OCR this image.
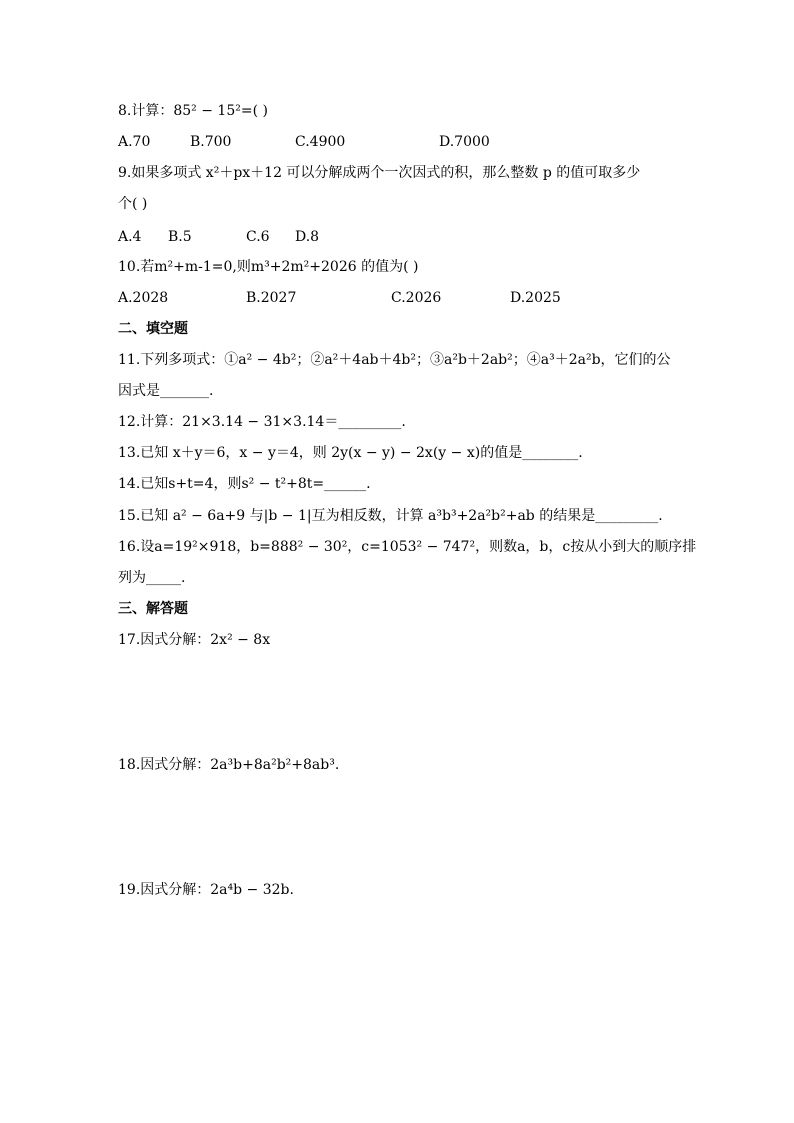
8.计算：85² − 15²=( )
A.70	B.700	C.4900	D.7000
9.如果多项式 x²＋px＋12 可以分解成两个一次因式的积，那么整数 p 的值可取多少
个( )
A.4 B.5	C.6 D.8
10.若m²+m-1=0,则m³+2m²+2026 的值为( )
A.2028	B.2027	C.2026	D.2025
二、填空题
11.下列多项式：①a² − 4b²；②a²＋4ab＋4b²；③a²b＋2ab²；④a³＋2a²b，它们的公
因式是_______.
12.计算：21×3.14 − 31×3.14＝_________.
13.已知 x＋y＝6，x − y＝4，则 2y(x − y) − 2x(y − x)的值是________.
14.已知s+t=4，则s² − t²+8t=______.
15.已知 a² − 6a+9 与|b − 1|互为相反数，计算 a³b³+2a²b²+ab 的结果是_________.
16.设a=19²×918，b=888² − 30²，c=1053² − 747²，则数a，b，c按从小到大的顺序排
列为_____.
三、解答题
17.因式分解：2x² − 8x
18.因式分解：2a³b+8a²b²+8ab³.
19.因式分解：2a⁴b − 32b.
